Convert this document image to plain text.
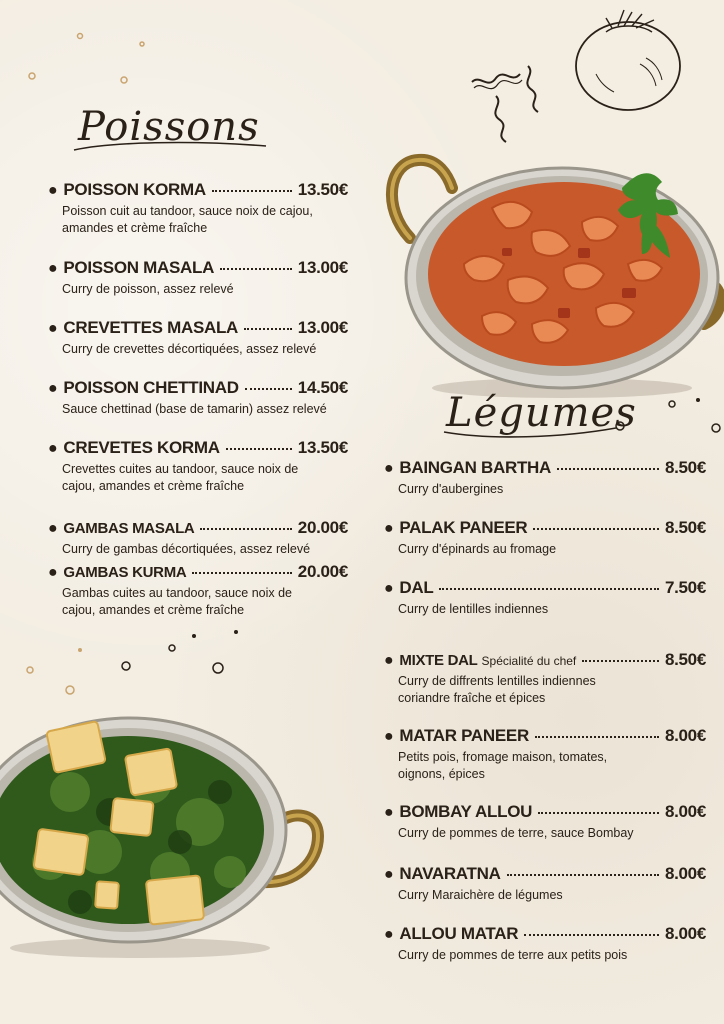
Poissons
Légumes
● POISSON KORMA	13.50€
Poisson cuit au tandoor, sauce noix de cajou, amandes et crème fraîche
● POISSON MASALA	13.00€
Curry de poisson, assez relevé
● CREVETTES MASALA	13.00€
Curry de crevettes décortiquées, assez relevé
● POISSON CHETTINAD	14.50€
Sauce chettinad (base de tamarin) assez relevé
● CREVETES KORMA	13.50€
Crevettes cuites au tandoor, sauce noix de cajou, amandes et crème fraîche
● GAMBAS MASALA	20.00€
Curry de gambas décortiquées, assez relevé
● GAMBAS KURMA	20.00€
Gambas cuites au tandoor, sauce noix de cajou, amandes et crème fraîche
● BAINGAN BARTHA	8.50€
Curry d'aubergines
● PALAK PANEER	8.50€
Curry d'épinards au fromage
● DAL	7.50€
Curry de lentilles indiennes
● MIXTE DAL Spécialité du chef	8.50€
Curry de diffrents lentilles indiennes coriandre fraîche et épices
● MATAR PANEER	8.00€
Petits pois, fromage maison, tomates, oignons, épices
● BOMBAY ALLOU	8.00€
Curry de pommes de terre, sauce Bombay
● NAVARATNA	8.00€
Curry Maraichère de légumes
● ALLOU MATAR	8.00€
Curry de pommes de terre aux petits pois
